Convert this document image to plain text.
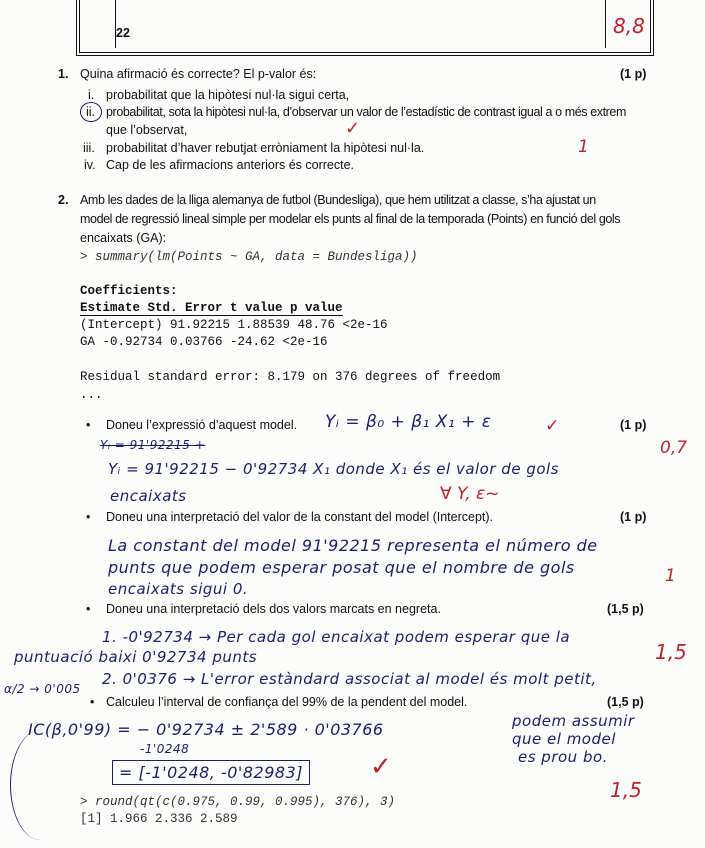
22	8,8
1. Quina afirmació és correcte? El p-valor és:	(1 p)
i. probabilitat que la hipòtesi nul·la sigui certa,
ii. probabilitat, sota la hipòtesi nul·la, d’observar un valor de l’estadístic de contrast igual a o més extrem
que l’observat,	✓
iii. probabilitat d’haver rebutjat erròniament la hipòtesi nul·la.	1
iv. Cap de les afirmacions anteriors és correcte.
2. Amb les dades de la lliga alemanya de futbol (Bundesliga), que hem utilitzat a classe, s’ha ajustat un
model de regressió lineal simple per modelar els punts al final de la temporada (Points) en funció del gols
encaixats (GA):
> summary(lm(Points ~ GA, data = Bundesliga))
Coefficients:
Estimate Std. Error t value p value
(Intercept) 91.92215 1.88539 48.76 <2e-16
GA -0.92734 0.03766 -24.62 <2e-16
Residual standard error: 8.179 on 376 degrees of freedom
...
• Doneu l’expressió d’aquest model.	(1 p)
Yᵢ = β₀ + β₁ X₁ + ε	✓
Yᵢ = 91'92215 +
Yᵢ = 91'92215 − 0'92734 X₁ donde X₁ és el valor de gols
encaixats	∀ Y, ε~
0,7
• Doneu una interpretació del valor de la constant del model (Intercept).	(1 p)
La constant del model 91'92215 representa el número de
punts que podem esperar posat que el nombre de gols
encaixats sigui 0.
1
• Doneu una interpretació dels dos valors marcats en negreta.	(1,5 p)
1. -0'92734 → Per cada gol encaixat podem esperar que la
puntuació baixi 0'92734 punts
2. 0'0376 → L'error estàndard associat al model és molt petit,
podem assumir
que el model
es prou bo.
1,5
α/2 → 0'005
• Calculeu l’interval de confiança del 99% de la pendent del model.	(1,5 p)
IC(β,0'99) = − 0'92734 ± 2'589 · 0'03766
-1'0248
= [-1'0248, -0'82983]	✓
1,5
> round(qt(c(0.975, 0.99, 0.995), 376), 3)
[1] 1.966 2.336 2.589
